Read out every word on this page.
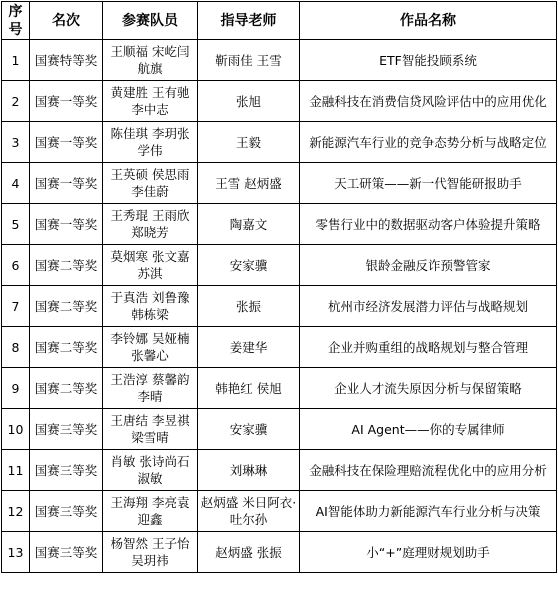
序号	名次	参赛队员	指导老师	作品名称
1	国赛特等奖	王顺福 宋屹闫航旗	靳雨佳 王雪	ETF智能投顾系统
2	国赛一等奖	黄建胜 王有驰 李中志	张旭	金融科技在消费信贷风险评估中的应用优化
3	国赛一等奖	陈佳琪 李玥张学伟	王毅	新能源汽车行业的竞争态势分析与战略定位
4	国赛一等奖	王英硕 侯思雨 李佳蔚	王雪 赵炳盛	天工研策——新一代智能研报助手
5	国赛一等奖	王秀琨 王雨欣 郑晓芳	陶嘉文	零售行业中的数据驱动客户体验提升策略
6	国赛二等奖	莫烟寒 张文嘉 苏淇	安家骥	银龄金融反诈预警管家
7	国赛二等奖	于真浩 刘鲁豫 韩栋梁	张振	杭州市经济发展潜力评估与战略规划
8	国赛二等奖	李铃娜 吴娅楠 张馨心	姜建华	企业并购重组的战略规划与整合管理
9	国赛二等奖	王浩淳 蔡馨韵 李晴	韩艳红 侯旭	企业人才流失原因分析与保留策略
10	国赛三等奖	王唐结 李昱祺 梁雪晴	安家骥	AI Agent——你的专属律师
11	国赛三等奖	肖敏 张诗尚石淑敏	刘琳琳	金融科技在保险理赔流程优化中的应用分析
12	国赛三等奖	王海翔 李亮袁迎鑫	赵炳盛 米日阿衣·吐尔孙	AI智能体助力新能源汽车行业分析与决策
13	国赛三等奖	杨智然 王子怡 吴玥祎	赵炳盛 张振	小“+”庭理财规划助手
